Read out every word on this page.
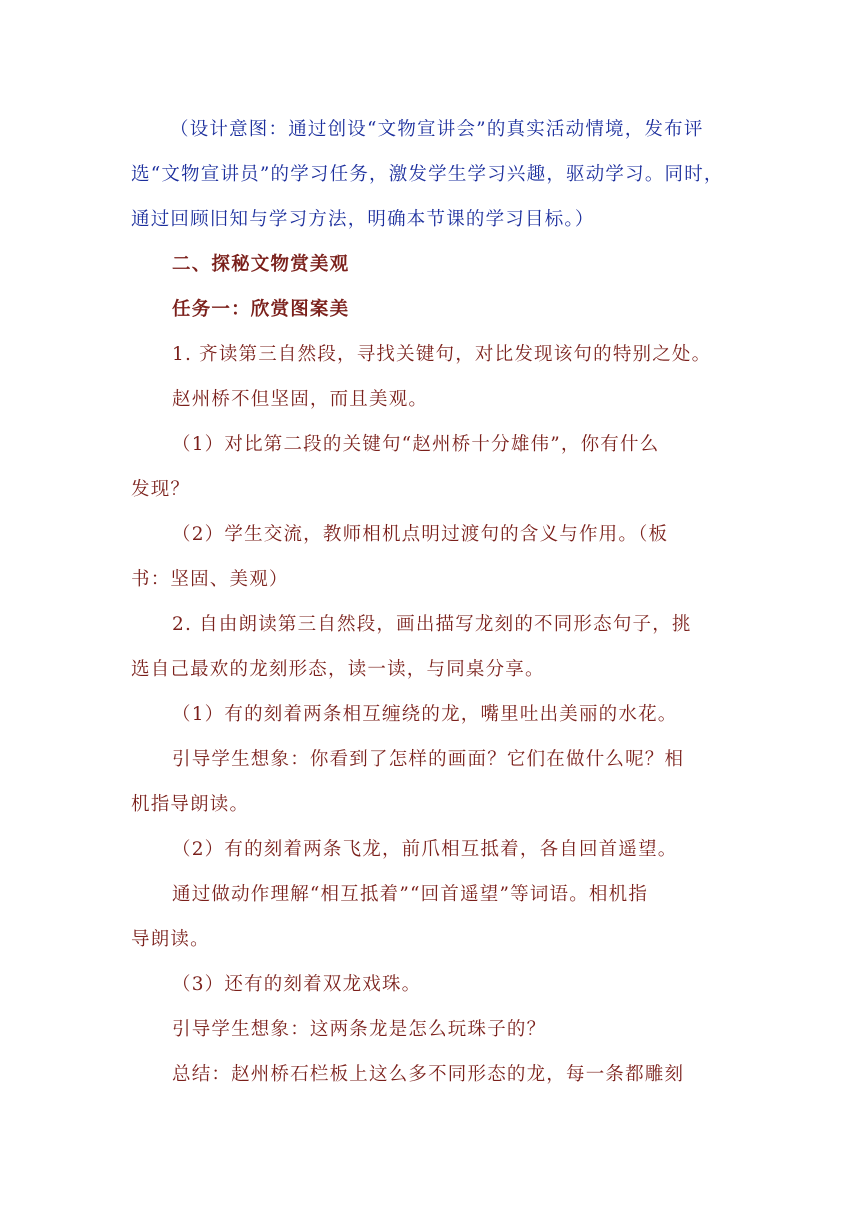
（设计意图：通过创设“文物宣讲会”的真实活动情境，发布评
选“文物宣讲员”的学习任务，激发学生学习兴趣，驱动学习。同时，
通过回顾旧知与学习方法，明确本节课的学习目标。）
二、探秘文物赏美观
任务一：欣赏图案美
1. 齐读第三自然段，寻找关键句，对比发现该句的特别之处。
赵州桥不但坚固，而且美观。
（1）对比第二段的关键句“赵州桥十分雄伟”，你有什么
发现？
（2）学生交流，教师相机点明过渡句的含义与作用。（板
书：坚固、美观）
2. 自由朗读第三自然段，画出描写龙刻的不同形态句子，挑
选自己最欢的龙刻形态，读一读，与同桌分享。
（1）有的刻着两条相互缠绕的龙，嘴里吐出美丽的水花。
引导学生想象：你看到了怎样的画面？它们在做什么呢？相
机指导朗读。
（2）有的刻着两条飞龙，前爪相互抵着，各自回首遥望。
通过做动作理解“相互抵着”“回首遥望”等词语。相机指
导朗读。
（3）还有的刻着双龙戏珠。
引导学生想象：这两条龙是怎么玩珠子的？
总结：赵州桥石栏板上这么多不同形态的龙，每一条都雕刻
